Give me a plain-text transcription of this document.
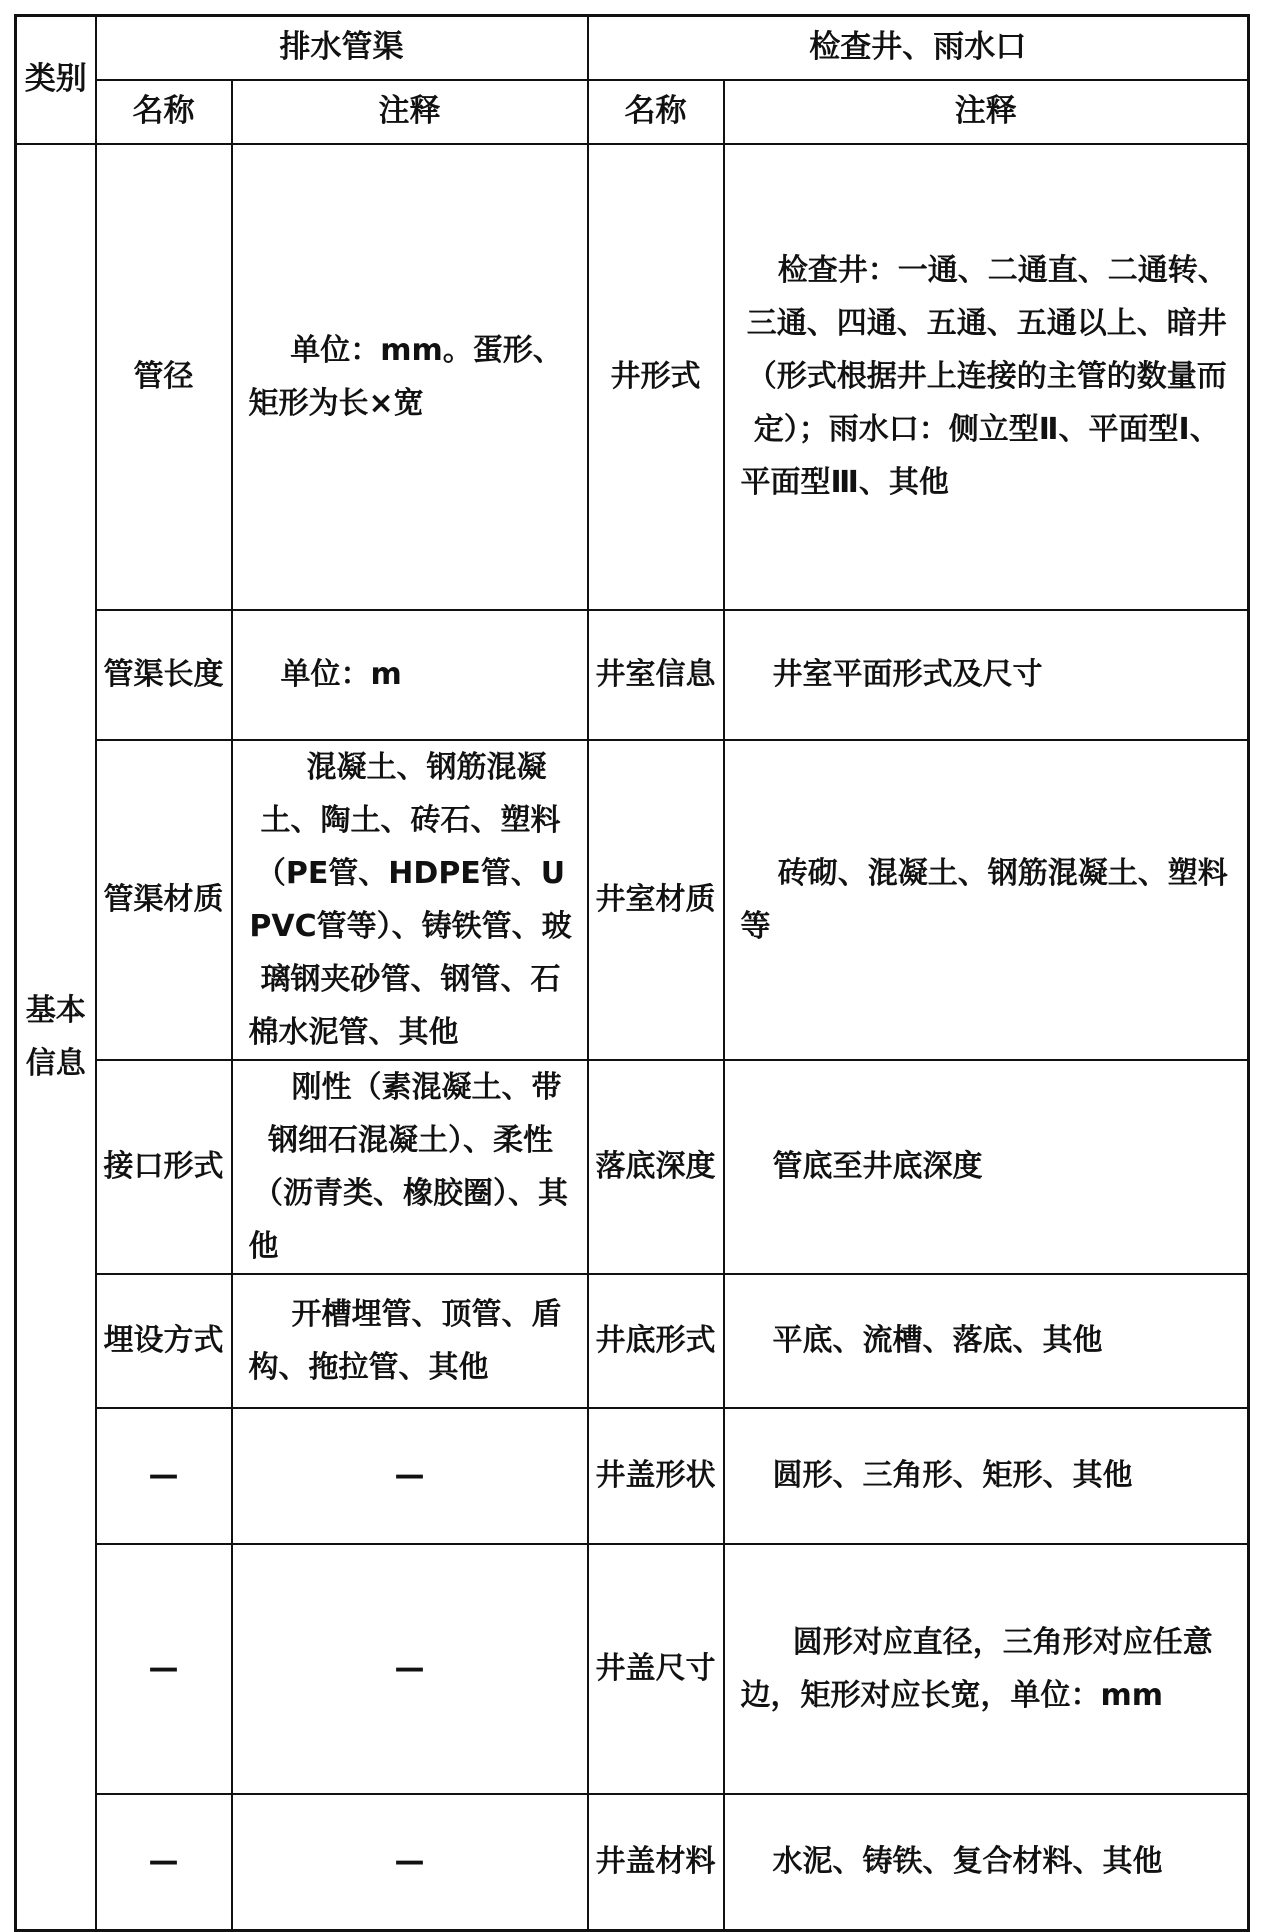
类别	排水管渠		检查井、雨水口	
	名称	注释	名称	注释
基本信息	管径	单位：mm。蛋形、矩形为长×宽	井形式	检查井：一通、二通直、二通转、三通、四通、五通、五通以上、暗井（形式根据井上连接的主管的数量而定）；雨水口：侧立型Ⅱ、平面型Ⅰ、平面型Ⅲ、其他

	管渠长度	单位：m	井室信息	井室平面形式及尺寸

	管渠材质	混凝土、钢筋混凝土、陶土、砖石、塑料（PE管、HDPE管、UPVC管等）、铸铁管、玻璃钢夹砂管、钢管、石棉水泥管、其他	井室材质	砖砌、混凝土、钢筋混凝土、塑料等

	接口形式	刚性（素混凝土、带钢细石混凝土）、柔性（沥青类、橡胶圈）、其他	落底深度	管底至井底深度

	埋设方式	开槽埋管、顶管、盾构、拖拉管、其他	井底形式	平底、流槽、落底、其他

	—	—	井盖形状	圆形、三角形、矩形、其他

	—	—	井盖尺寸	圆形对应直径，三角形对应任意边，矩形对应长宽，单位：mm

	—	—	井盖材料	水泥、铸铁、复合材料、其他
